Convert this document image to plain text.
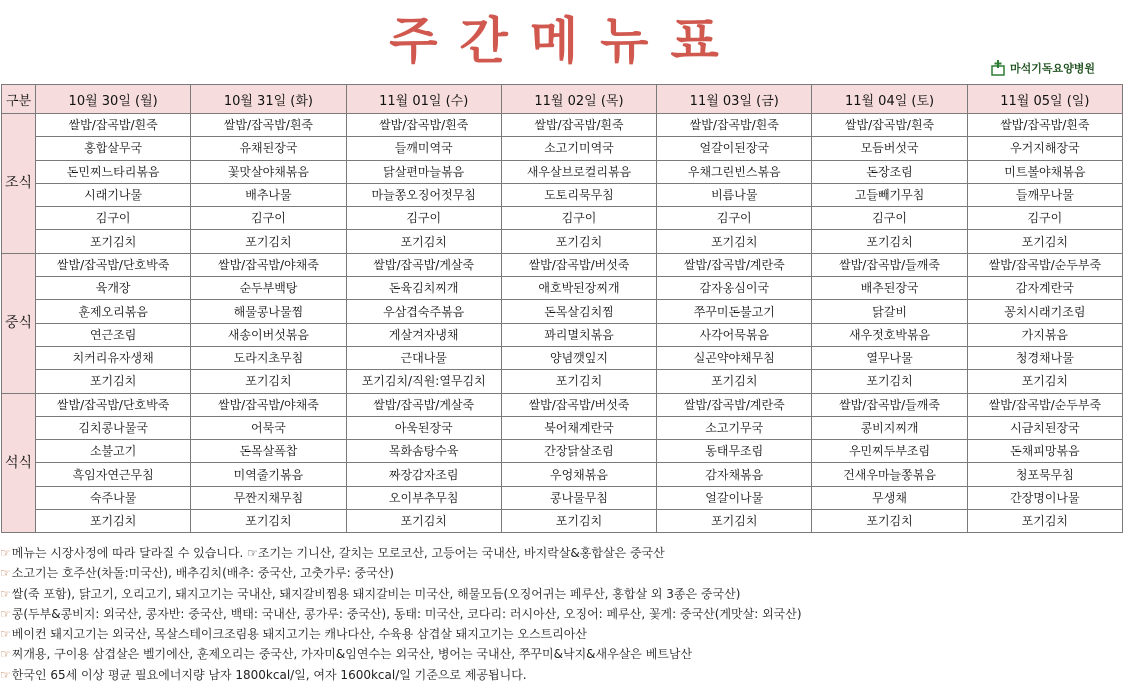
주간메뉴표	마석기독요양병원
구분	10월 30일 (월)	10월 31일 (화)	11월 01일 (수)	11월 02일 (목)	11월 03일 (금)	11월 04일 (토)	11월 05일 (일)
조식	쌀밥/잡곡밥/흰죽	쌀밥/잡곡밥/흰죽	쌀밥/잡곡밥/흰죽	쌀밥/잡곡밥/흰죽	쌀밥/잡곡밥/흰죽	쌀밥/잡곡밥/흰죽	쌀밥/잡곡밥/흰죽
	홍합살무국	유채된장국	들깨미역국	소고기미역국	얼갈이된장국	모듬버섯국	우거지해장국
	돈민찌느타리볶음	꽃맛살야채볶음	닭살편마늘볶음	새우살브로컬리볶음	우채그린빈스볶음	돈장조림	미트볼야채볶음
	시래기나물	배추나물	마늘쫑오징어젓무침	도토리묵무침	비름나물	고들빼기무침	들깨무나물
	김구이	김구이	김구이	김구이	김구이	김구이	김구이
	포기김치	포기김치	포기김치	포기김치	포기김치	포기김치	포기김치
중식	쌀밥/잡곡밥/단호박죽	쌀밥/잡곡밥/야채죽	쌀밥/잡곡밥/게살죽	쌀밥/잡곡밥/버섯죽	쌀밥/잡곡밥/계란죽	쌀밥/잡곡밥/들깨죽	쌀밥/잡곡밥/순두부죽
	육개장	순두부백탕	돈육김치찌개	애호박된장찌개	감자옹심이국	배추된장국	감자계란국
	훈제오리볶음	해물콩나물찜	우삼겹숙주볶음	돈목살김치찜	쭈꾸미돈불고기	닭갈비	꽁치시래기조림
	연근조림	새송이버섯볶음	게살겨자냉채	꽈리멸치볶음	사각어묵볶음	새우젓호박볶음	가지볶음
	치커리유자생채	도라지초무침	근대나물	양념깻잎지	실곤약야채무침	열무나물	청경채나물
	포기김치	포기김치	포기김치/직원:열무김치	포기김치	포기김치	포기김치	포기김치
석식	쌀밥/잡곡밥/단호박죽	쌀밥/잡곡밥/야채죽	쌀밥/잡곡밥/게살죽	쌀밥/잡곡밥/버섯죽	쌀밥/잡곡밥/계란죽	쌀밥/잡곡밥/들깨죽	쌀밥/잡곡밥/순두부죽
	김치콩나물국	어묵국	아욱된장국	북어채계란국	소고기무국	콩비지찌개	시금치된장국
	소불고기	돈목살폭찹	목화솜탕수육	간장닭살조림	동태무조림	우민찌두부조림	돈채피망볶음
	흑임자연근무침	미역줄기볶음	짜장감자조림	우엉채볶음	감자채볶음	건새우마늘쫑볶음	청포묵무침
	숙주나물	무짠지채무침	오이부추무침	콩나물무침	얼갈이나물	무생채	간장명이나물
	포기김치	포기김치	포기김치	포기김치	포기김치	포기김치	포기김치
☞메뉴는 시장사정에 따라 달라질 수 있습니다. ☞조기는 기니산, 갈치는 모로코산, 고등어는 국내산, 바지락살&홍합살은 중국산
☞소고기는 호주산(차돌:미국산), 배추김치(배추: 중국산, 고춧가루: 중국산)
☞쌀(죽 포함), 닭고기, 오리고기, 돼지고기는 국내산, 돼지갈비찜용 돼지갈비는 미국산, 해물모듬(오징어귀는 페루산, 홍합살 외 3종은 중국산)
☞콩(두부&콩비지: 외국산, 콩자반: 중국산, 백태: 국내산, 콩가루: 중국산), 동태: 미국산, 코다리: 러시아산, 오징어: 페루산, 꽃게: 중국산(게맛살: 외국산)
☞베이컨 돼지고기는 외국산, 목살스테이크조림용 돼지고기는 캐나다산, 수육용 삼겹살 돼지고기는 오스트리아산
☞찌개용, 구이용 삼겹살은 벨기에산, 훈제오리는 중국산, 가자미&임연수는 외국산, 병어는 국내산, 쭈꾸미&낙지&새우살은 베트남산
☞한국인 65세 이상 평균 필요에너지량 남자 1800kcal/일, 여자 1600kcal/일 기준으로 제공됩니다.
